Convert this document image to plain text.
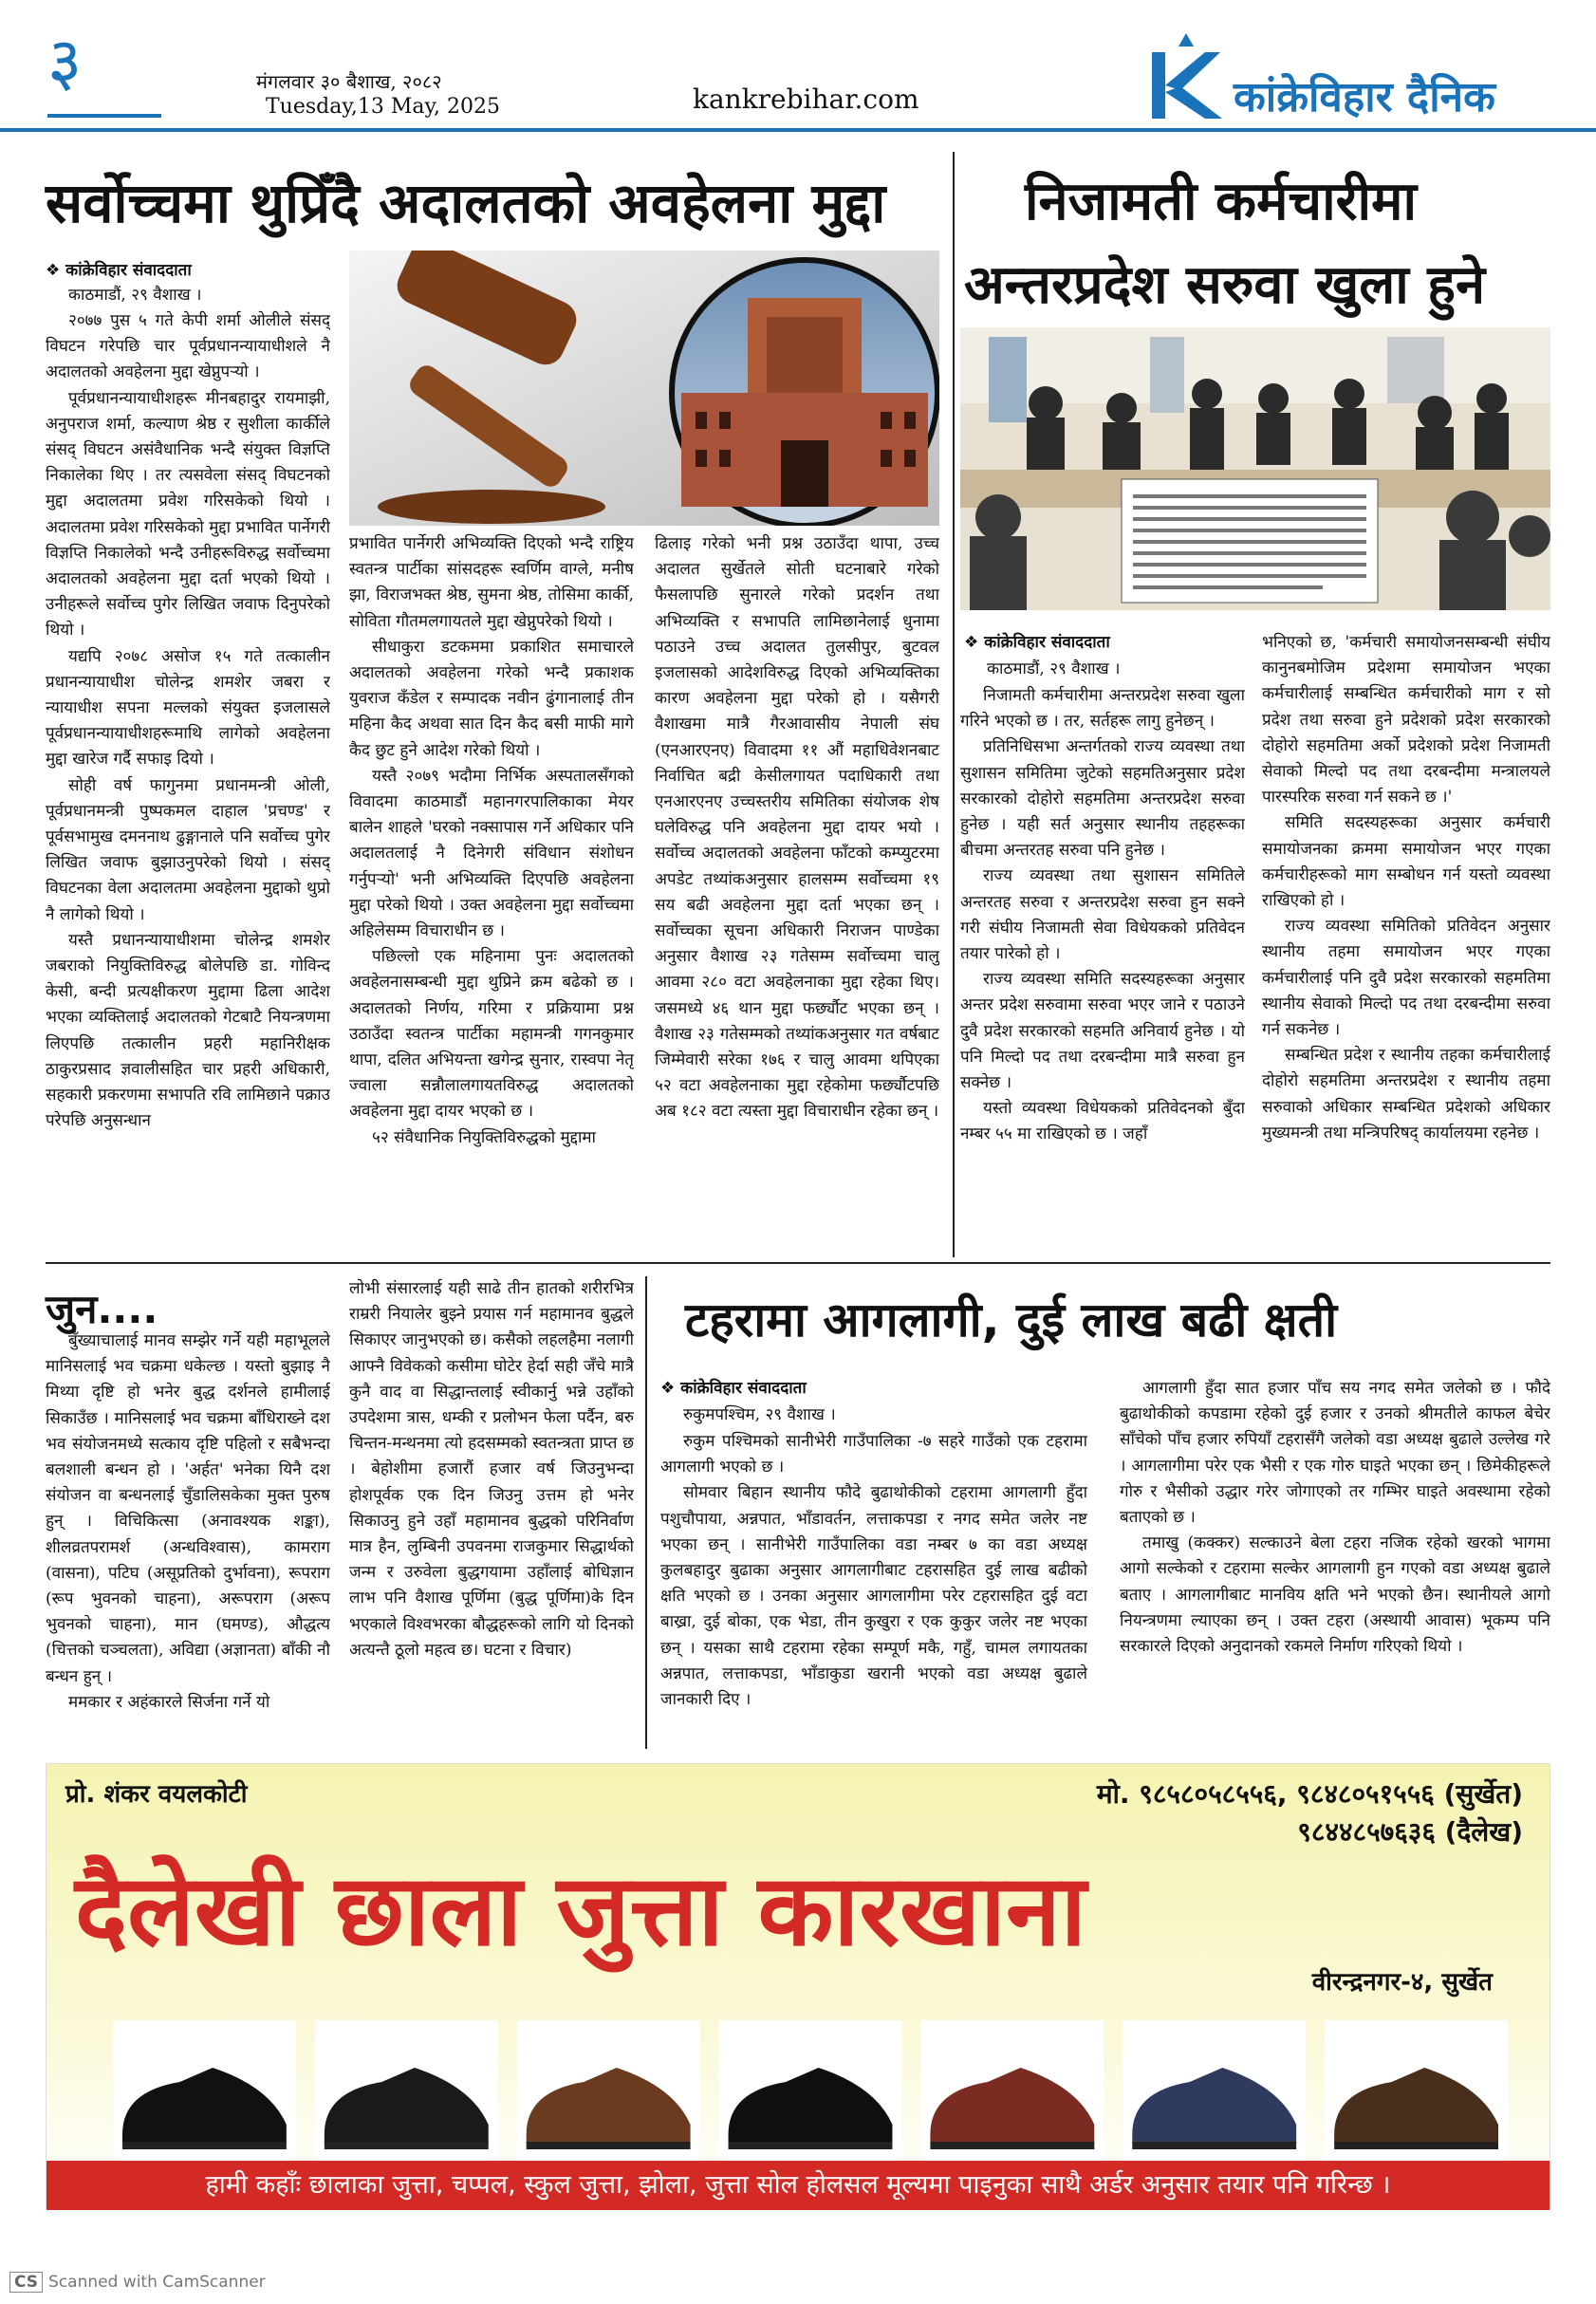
३	मंगलवार ३० बैशाख, २०८२
Tuesday,13 May, 2025	kankrebihar.com	कांक्रेविहार दैनिक
सर्वोच्चमा थुप्रिँदै अदालतको अवहेलना मुद्दा
❖ कांक्रेविहार संवाददाता
काठमाडौं, २९ वैशाख ।

२०७७ पुस ५ गते केपी शर्मा ओलीले संसद् विघटन गरेपछि चार पूर्वप्रधानन्यायाधीशले नै अदालतको अवहेलना मुद्दा खेप्नुपर्‍यो ।

पूर्वप्रधानन्यायाधीशहरू मीनबहादुर रायमाझी, अनुपराज शर्मा, कल्याण श्रेष्ठ र सुशीला कार्कीले संसद् विघटन असंवैधानिक भन्दै संयुक्त विज्ञप्ति निकालेका थिए । तर त्यसवेला संसद् विघटनको मुद्दा अदालतमा प्रवेश गरिसकेको थियो । अदालतमा प्रवेश गरिसकेको मुद्दा प्रभावित पार्नेगरी विज्ञप्ति निकालेको भन्दै उनीहरूविरुद्ध सर्वोच्चमा अदालतको अवहेलना मुद्दा दर्ता भएको थियो । उनीहरूले सर्वोच्च पुगेर लिखित जवाफ दिनुपरेको थियो ।

यद्यपि २०७८ असोज १५ गते तत्कालीन प्रधानन्यायाधीश चोलेन्द्र शमशेर जबरा र न्यायाधीश सपना मल्लको संयुक्त इजलासले पूर्वप्रधानन्यायाधीशहरूमाथि लागेको अवहेलना मुद्दा खारेज गर्दै सफाइ दियो ।

सोही वर्ष फागुनमा प्रधानमन्त्री ओली, पूर्वप्रधानमन्त्री पुष्पकमल दाहाल 'प्रचण्ड' र पूर्वसभामुख दमननाथ ढुङ्गानाले पनि सर्वोच्च पुगेर लिखित जवाफ बुझाउनुपरेको थियो । संसद् विघटनका वेला अदालतमा अवहेलना मुद्दाको थुप्रो नै लागेको थियो ।

यस्तै प्रधानन्यायाधीशमा चोलेन्द्र शमशेर जबराको नियुक्तिविरुद्ध बोलेपछि डा. गोविन्द केसी, बन्दी प्रत्यक्षीकरण मुद्दामा ढिला आदेश भएका व्यक्तिलाई अदालतको गेटबाटै नियन्त्रणमा लिएपछि तत्कालीन प्रहरी महानिरीक्षक ठाकुरप्रसाद ज्ञवालीसहित चार प्रहरी अधिकारी, सहकारी प्रकरणमा सभापति रवि लामिछाने पक्राउ परेपछि अनुसन्धान

प्रभावित पार्नेगरी अभिव्यक्ति दिएको भन्दै राष्ट्रिय स्वतन्त्र पार्टीका सांसदहरू स्वर्णिम वाग्ले, मनीष झा, विराजभक्त श्रेष्ठ, सुमना श्रेष्ठ, तोसिमा कार्की, सोविता गौतमलगायतले मुद्दा खेप्नुपरेको थियो ।

सीधाकुरा डटकममा प्रकाशित समाचारले अदालतको अवहेलना गरेको भन्दै प्रकाशक युवराज कँडेल र सम्पादक नवीन ढुंगानालाई तीन महिना कैद अथवा सात दिन कैद बसी माफी मागे कैद छुट हुने आदेश गरेको थियो ।

यस्तै २०७९ भदौमा निर्भिक अस्पतालसँगको विवादमा काठमाडौं महानगरपालिकाका मेयर बालेन शाहले 'घरको नक्सापास गर्ने अधिकार पनि अदालतलाई नै दिनेगरी संविधान संशोधन गर्नुपर्‍यो' भनी अभिव्यक्ति दिएपछि अवहेलना मुद्दा परेको थियो । उक्त अवहेलना मुद्दा सर्वोच्चमा अहिलेसम्म विचाराधीन छ ।

पछिल्लो एक महिनामा पुनः अदालतको अवहेलनासम्बन्धी मुद्दा थुप्रिने क्रम बढेको छ । अदालतको निर्णय, गरिमा र प्रक्रियामा प्रश्न उठाउँदा स्वतन्त्र पार्टीका महामन्त्री गगनकुमार थापा, दलित अभियन्ता खगेन्द्र सुनार, रास्वपा नेतृ ज्वाला सन्नौलालगायतविरुद्ध अदालतको अवहेलना मुद्दा दायर भएको छ ।

५२ संवैधानिक नियुक्तिविरुद्धको मुद्दामा

ढिलाइ गरेको भनी प्रश्न उठाउँदा थापा, उच्च अदालत सुर्खेतले सोती घटनाबारे गरेको फैसलापछि सुनारले गरेको प्रदर्शन तथा अभिव्यक्ति र सभापति लामिछानेलाई धुनामा पठाउने उच्च अदालत तुलसीपुर, बुटवल इजलासको आदेशविरुद्ध दिएको अभिव्यक्तिका कारण अवहेलना मुद्दा परेको हो । यसैगरी वैशाखमा मात्रै गैरआवासीय नेपाली संघ (एनआरएनए) विवादमा ११ औं महाधिवेशनबाट निर्वाचित बद्री केसीलगायत पदाधिकारी तथा एनआरएनए उच्चस्तरीय समितिका संयोजक शेष घलेविरुद्ध पनि अवहेलना मुद्दा दायर भयो । सर्वोच्च अदालतको अवहेलना फाँटको कम्प्युटरमा अपडेट तथ्यांकअनुसार हालसम्म सर्वोच्चमा १९ सय बढी अवहेलना मुद्दा दर्ता भएका छन् । सर्वोच्चका सूचना अधिकारी निराजन पाण्डेका अनुसार वैशाख २३ गतेसम्म सर्वोच्चमा चालु आवमा २८० वटा अवहेलनाका मुद्दा रहेका थिए। जसमध्ये ४६ थान मुद्दा फर्छ्यौट भएका छन् । वैशाख २३ गतेसम्मको तथ्यांकअनुसार गत वर्षबाट जिम्मेवारी सरेका १७६ र चालु आवमा थपिएका ५२ वटा अवहेलनाका मुद्दा रहेकोमा फर्छ्यौटपछि अब १८२ वटा त्यस्ता मुद्दा विचाराधीन रहेका छन् ।

निजामती कर्मचारीमा
अन्तरप्रदेश सरुवा खुला हुने
❖ कांक्रेविहार संवाददाता
काठमाडौं, २९ वैशाख ।

निजामती कर्मचारीमा अन्तरप्रदेश सरुवा खुला गरिने भएको छ । तर, सर्तहरू लागु हुनेछन् ।

प्रतिनिधिसभा अन्तर्गतको राज्य व्यवस्था तथा सुशासन समितिमा जुटेको सहमतिअनुसार प्रदेश सरकारको दोहोरो सहमतिमा अन्तरप्रदेश सरुवा हुनेछ । यही सर्त अनुसार स्थानीय तहहरूका बीचमा अन्तरतह सरुवा पनि हुनेछ ।

राज्य व्यवस्था तथा सुशासन समितिले अन्तरतह सरुवा र अन्तरप्रदेश सरुवा हुन सक्ने गरी संघीय निजामती सेवा विधेयकको प्रतिवेदन तयार पारेको हो ।

राज्य व्यवस्था समिति सदस्यहरूका अनुसार अन्तर प्रदेश सरुवामा सरुवा भएर जाने र पठाउने दुवै प्रदेश सरकारको सहमति अनिवार्य हुनेछ । यो पनि मिल्दो पद तथा दरबन्दीमा मात्रै सरुवा हुन सक्नेछ ।

यस्तो व्यवस्था विधेयकको प्रतिवेदनको बुँदा नम्बर ५५ मा राखिएको छ । जहाँ

भनिएको छ, 'कर्मचारी समायोजनसम्बन्धी संघीय कानुनबमोजिम प्रदेशमा समायोजन भएका कर्मचारीलाई सम्बन्धित कर्मचारीको माग र सो प्रदेश तथा सरुवा हुने प्रदेशको प्रदेश सरकारको दोहोरो सहमतिमा अर्को प्रदेशको प्रदेश निजामती सेवाको मिल्दो पद तथा दरबन्दीमा मन्त्रालयले पारस्परिक सरुवा गर्न सकने छ ।'

समिति सदस्यहरूका अनुसार कर्मचारी समायोजनका क्रममा समायोजन भएर गएका कर्मचारीहरूको माग सम्बोधन गर्न यस्तो व्यवस्था राखिएको हो ।

राज्य व्यवस्था समितिको प्रतिवेदन अनुसार स्थानीय तहमा समायोजन भएर गएका कर्मचारीलाई पनि दुवै प्रदेश सरकारको सहमतिमा स्थानीय सेवाको मिल्दो पद तथा दरबन्दीमा सरुवा गर्न सकनेछ ।

सम्बन्धित प्रदेश र स्थानीय तहका कर्मचारीलाई दोहोरो सहमतिमा अन्तरप्रदेश र स्थानीय तहमा सरुवाको अधिकार सम्बन्धित प्रदेशको अधिकार मुख्यमन्त्री तथा मन्त्रिपरिषद् कार्यालयमा रहनेछ ।

जुन....

बुँख्याचालाई मानव सम्झेर गर्ने यही महाभूलले मानिसलाई भव चक्रमा धकेल्छ । यस्तो बुझाइ नै मिथ्या दृष्टि हो भनेर बुद्ध दर्शनले हामीलाई सिकाउँछ । मानिसलाई भव चक्रमा बाँधिराख्ने दश भव संयोजनमध्ये सत्काय दृष्टि पहिलो र सबैभन्दा बलशाली बन्धन हो । 'अर्हत' भनेका यिनै दश संयोजन वा बन्धनलाई चुँडालिसकेका मुक्त पुरुष हुन् । विचिकित्सा (अनावश्यक शङ्का), शीलव्रतपरामर्श (अन्धविश्वास), कामराग (वासना), पटिघ (असूप्रतिको दुर्भावना), रूपराग (रूप भुवनको चाहना), अरूपराग (अरूप भुवनको चाहना), मान (घमण्ड), औद्धत्य (चित्तको चञ्चलता), अविद्या (अज्ञानता) बाँकी नौ बन्धन हुन् ।

ममकार र अहंकारले सिर्जना गर्ने यो

लोभी संसारलाई यही साढे तीन हातको शरीरभित्र राम्ररी नियालेर बुझ्ने प्रयास गर्न महामानव बुद्धले सिकाएर जानुभएको छ। कसैको लहलहैमा नलागी आफ्नै विवेकको कसीमा घोटेर हेर्दा सही जँचे मात्रै कुनै वाद वा सिद्धान्तलाई स्वीकार्नु भन्ने उहाँको उपदेशमा त्रास, धम्की र प्रलोभन फेला पर्दैन, बरु चिन्तन-मन्थनमा त्यो हदसम्मको स्वतन्त्रता प्राप्त छ । बेहोशीमा हजारौं हजार वर्ष जिउनुभन्दा होशपूर्वक एक दिन जिउनु उत्तम हो भनेर सिकाउनु हुने उहाँ महामानव बुद्धको परिनिर्वाण मात्र हैन, लुम्बिनी उपवनमा राजकुमार सिद्धार्थको जन्म र उरुवेला बुद्धगयामा उहाँलाई बोधिज्ञान लाभ पनि वैशाख पूर्णिमा (बुद्ध पूर्णिमा)के दिन भएकाले विश्वभरका बौद्धहरूको लागि यो दिनको अत्यन्तै ठूलो महत्व छ। घटना र विचार)

टहरामा आगलागी, दुई लाख बढी क्षती
❖ कांक्रेविहार संवाददाता
रुकुमपश्चिम, २९ वैशाख ।

रुकुम पश्चिमको सानीभेरी गाउँपालिका -७ सहरे गाउँको एक टहरामा आगलागी भएको छ ।

सोमवार बिहान स्थानीय फौदे बुढाथोकीको टहरामा आगलागी हुँदा पशुचौपाया, अन्नपात, भाँडावर्तन, लत्ताकपडा र नगद समेत जलेर नष्ट भएका छन् । सानीभेरी गाउँपालिका वडा नम्बर ७ का वडा अध्यक्ष कुलबहादुर बुढाका अनुसार आगलागीबाट टहरासहित दुई लाख बढीको क्षति भएको छ । उनका अनुसार आगलागीमा परेर टहरासहित दुई वटा बाख्रा, दुई बोका, एक भेडा, तीन कुखुरा र एक कुकुर जलेर नष्ट भएका छन् । यसका साथै टहरामा रहेका सम्पूर्ण मकै, गहुँ, चामल लगायतका अन्नपात, लत्ताकपडा, भाँडाकुडा खरानी भएको वडा अध्यक्ष बुढाले जानकारी दिए ।

आगलागी हुँदा सात हजार पाँच सय नगद समेत जलेको छ । फौदे बुढाथोकीको कपडामा रहेको दुई हजार र उनको श्रीमतीले काफल बेचेर साँचेको पाँच हजार रुपियाँ टहरासँगै जलेको वडा अध्यक्ष बुढाले उल्लेख गरे । आगलागीमा परेर एक भैसी र एक गोरु घाइते भएका छन् । छिमेकीहरूले गोरु र भैसीको उद्धार गरेर जोगाएको तर गम्भिर घाइते अवस्थामा रहेको बताएको छ ।

तमाखु (कक्कर) सल्काउने बेला टहरा नजिक रहेको खरको भागमा आगो सल्केको र टहरामा सल्केर आगलागी हुन गएको वडा अध्यक्ष बुढाले बताए । आगलागीबाट मानविय क्षति भने भएको छैन। स्थानीयले आगो नियन्त्रणमा ल्याएका छन् । उक्त टहरा (अस्थायी आवास) भूकम्प पनि सरकारले दिएको अनुदानको रकमले निर्माण गरिएको थियो ।

प्रो. शंकर वयलकोटी	मो. ९८५८०५८५५६, ९८४८०५१५५६ (सुर्खेत)
९८४४८५७६३६ (दैलेख)
दैलेखी छाला जुत्ता कारखाना
वीरन्द्रनगर-४, सुर्खेत
हामी कहाँः छालाका जुत्ता, चप्पल, स्कुल जुत्ता, झोला, जुत्ता सोल होलसल मूल्यमा पाइनुका साथै अर्डर अनुसार तयार पनि गरिन्छ ।
CS Scanned with CamScanner
